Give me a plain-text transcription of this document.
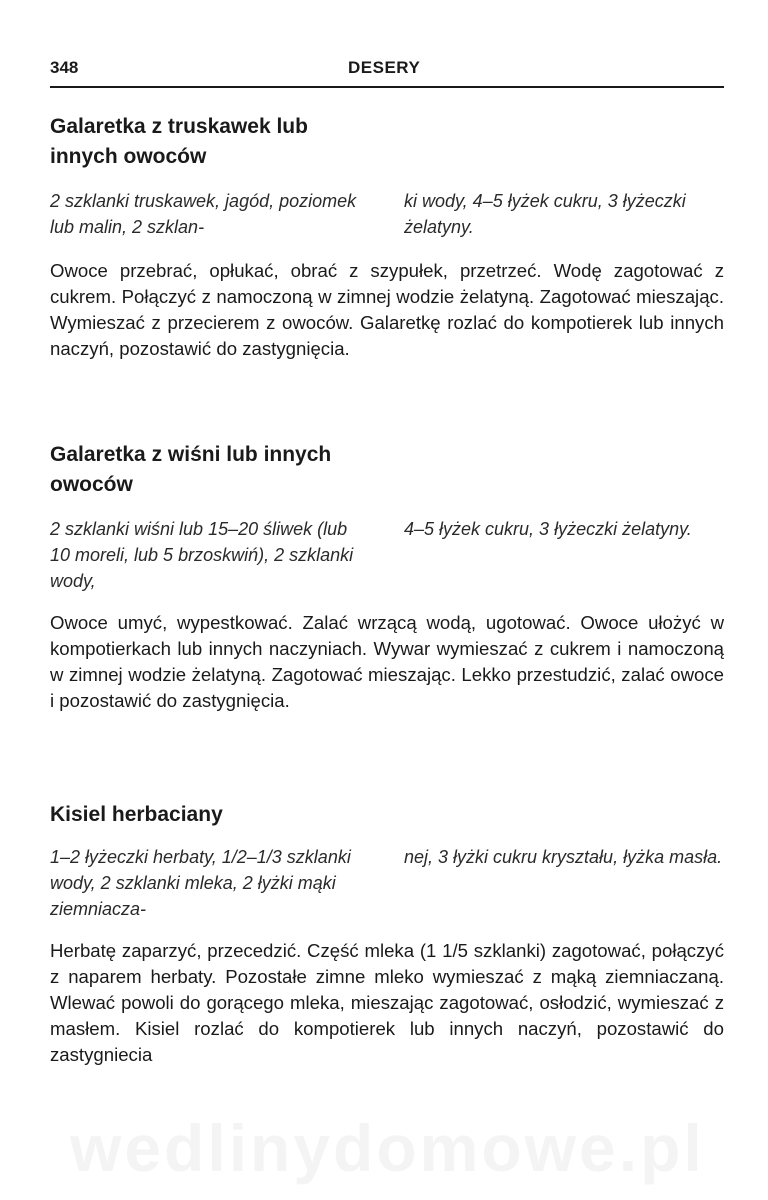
348	DESERY
Galaretka z truskawek lub innych owoców
2 szklanki truskawek, jagód, poziomek lub malin, 2 szklan-
ki wody, 4–5 łyżek cukru, 3 łyżeczki żelatyny.

Owoce przebrać, opłukać, obrać z szypułek, przetrzeć. Wodę zagotować z cukrem. Połączyć z namoczoną w zimnej wodzie żelatyną. Zagotować mieszając. Wymieszać z przecierem z owoców. Galaretkę rozlać do kompotierek lub innych naczyń, pozostawić do zastygnięcia.

Galaretka z wiśni lub innych owoców
2 szklanki wiśni lub 15–20 śliwek (lub 10 moreli, lub 5 brzoskwiń), 2 szklanki wody,
4–5 łyżek cukru, 3 łyżeczki żelatyny.

Owoce umyć, wypestkować. Zalać wrzącą wodą, ugotować. Owoce ułożyć w kompotierkach lub innych naczyniach. Wywar wymieszać z cukrem i namoczoną w zimnej wodzie żelatyną. Zagotować mieszając. Lekko przestudzić, zalać owoce i pozostawić do zastygnięcia.

Kisiel herbaciany
1–2 łyżeczki herbaty, 1/2–1/3 szklanki wody, 2 szklanki mleka, 2 łyżki mąki ziemniacza-
nej, 3 łyżki cukru kryształu, łyżka masła.

Herbatę zaparzyć, przecedzić. Część mleka (1 1/5 szklanki) zagotować, połączyć z naparem herbaty. Pozostałe zimne mleko wymieszać z mąką ziemniaczaną. Wlewać powoli do gorącego mleka, mieszając zagotować, osłodzić, wymieszać z masłem. Kisiel rozlać do kompotierek lub innych naczyń, pozostawić do zastygniecia

wedlinydomowe.pl
